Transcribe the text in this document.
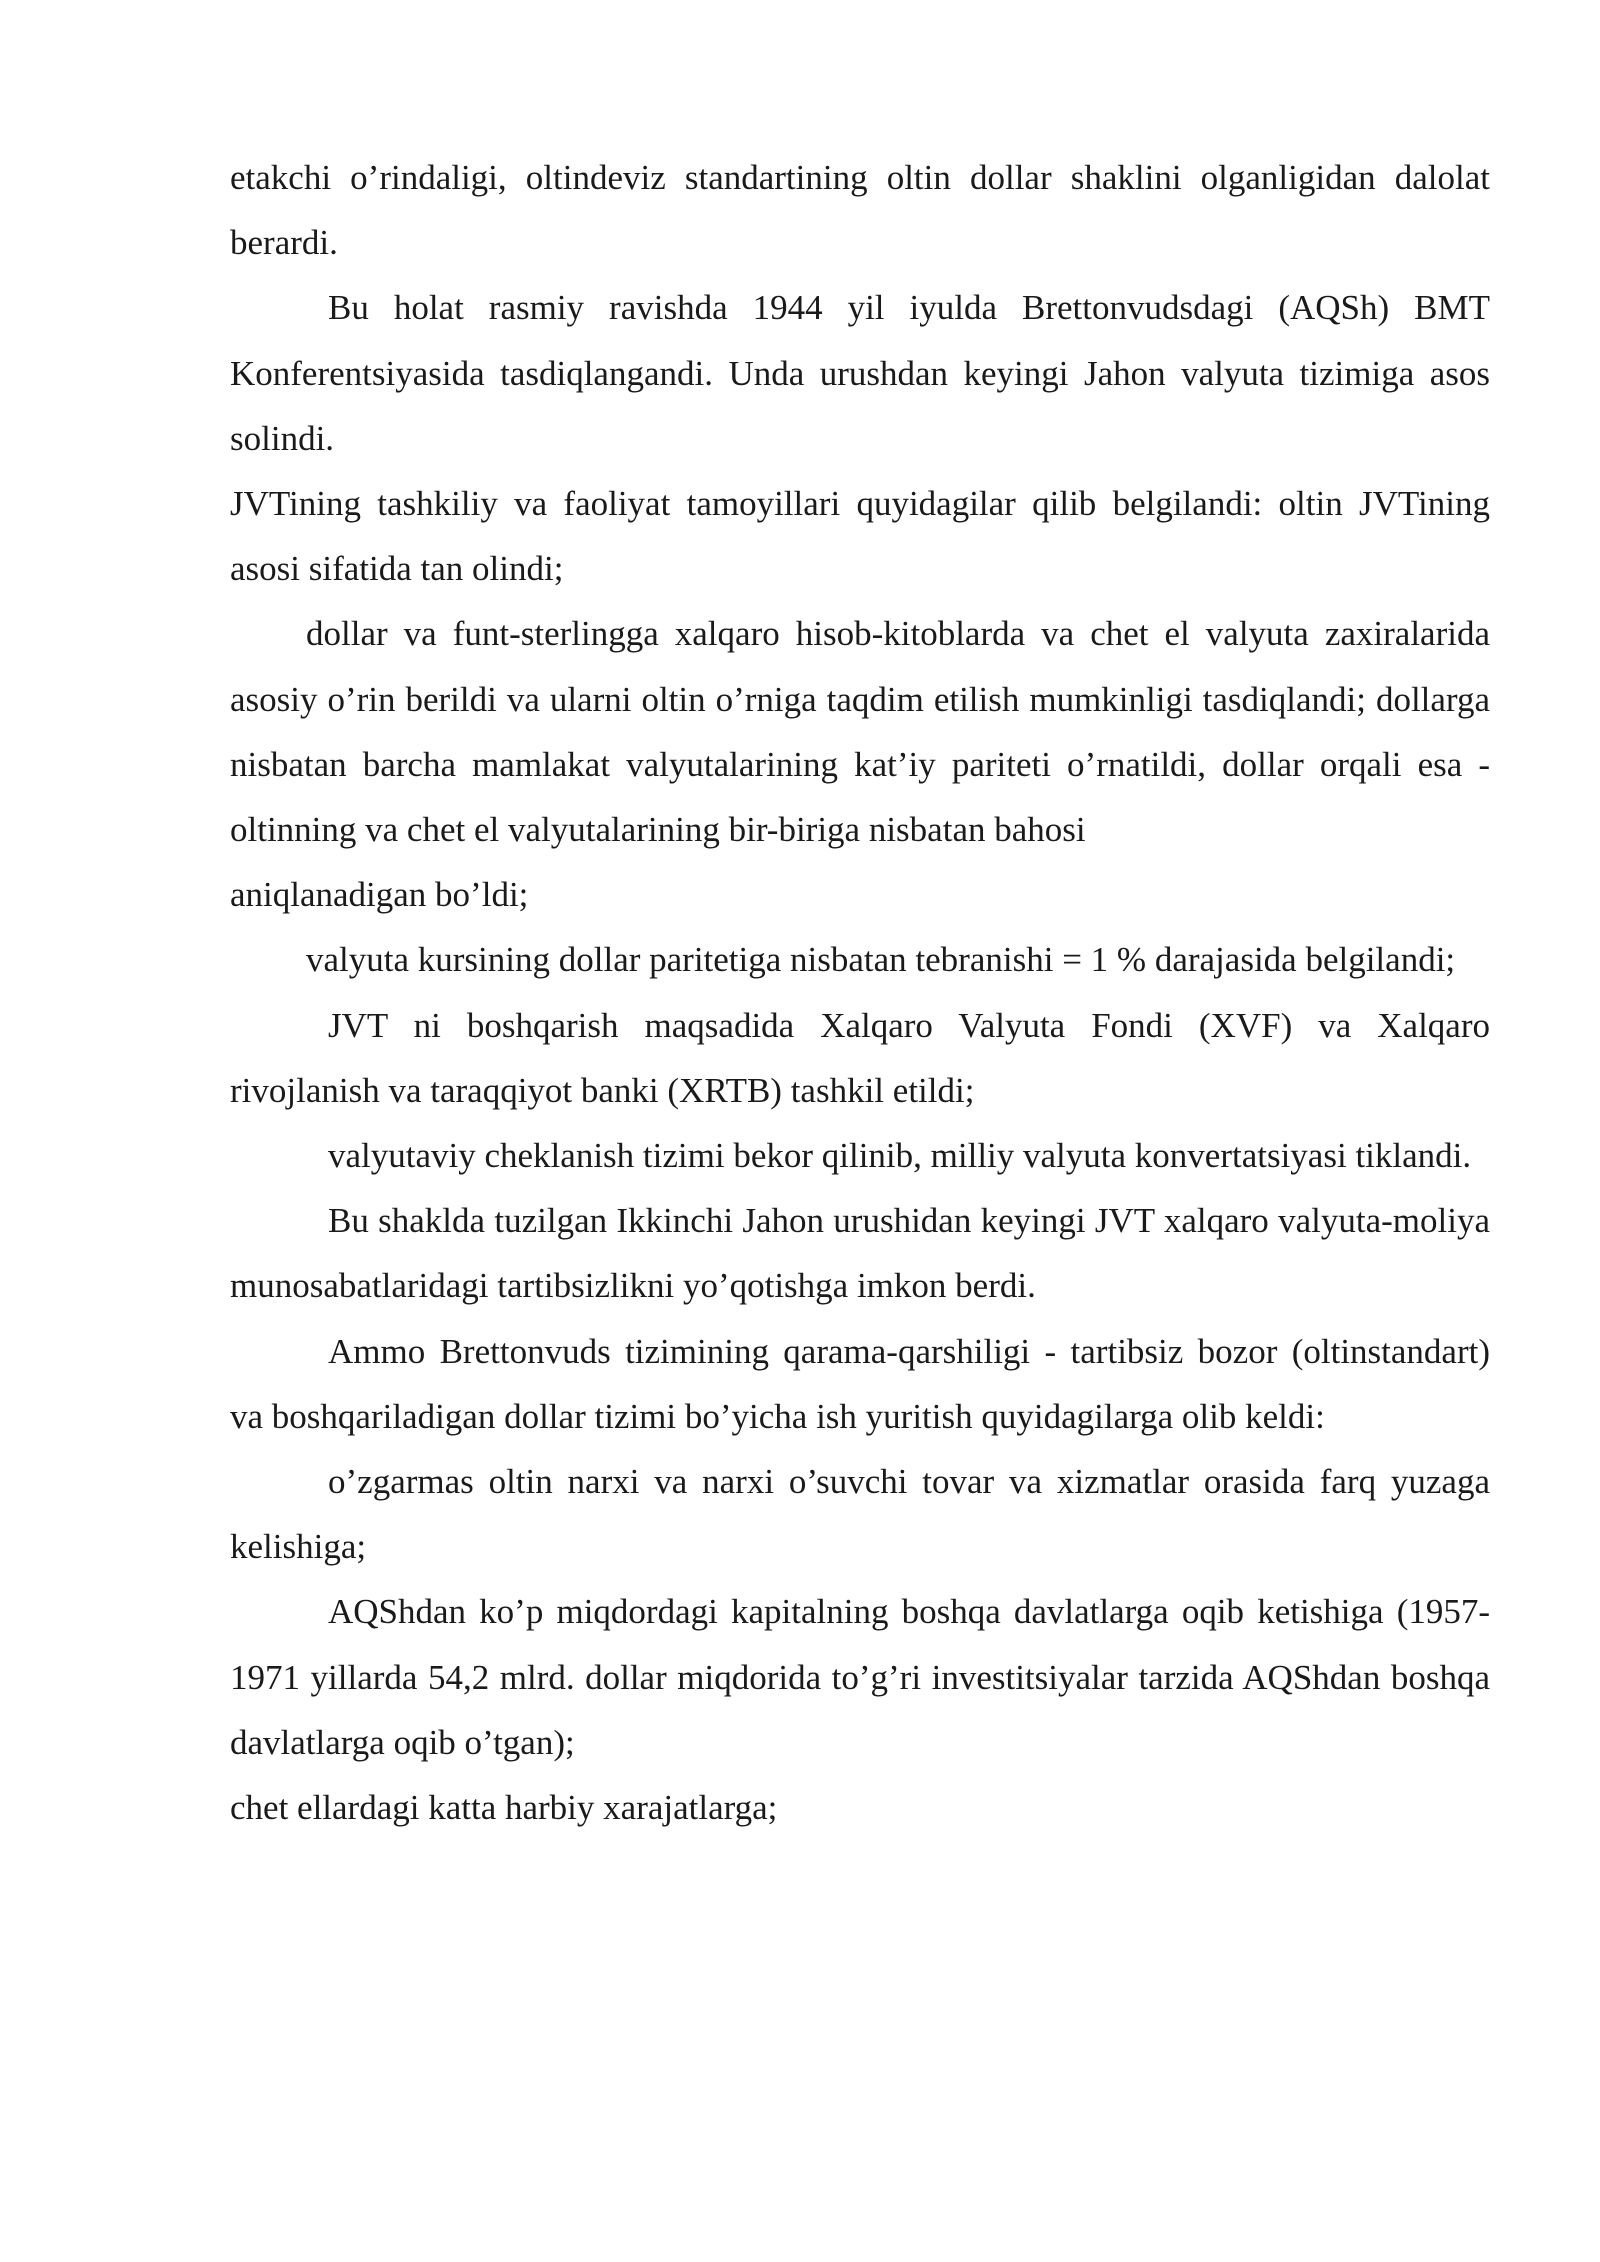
etakchi o’rindaligi, oltindeviz standartining oltin dollar shaklini olganligidan dalolat berardi.

Bu holat rasmiy ravishda 1944 yil iyulda Brettonvudsdagi (AQSh) BMT Konferentsiyasida tasdiqlangandi. Unda urushdan keyingi Jahon valyuta tizimiga asos solindi.

JVTining tashkiliy va faoliyat tamoyillari quyidagilar qilib belgilandi: oltin JVTining asosi sifatida tan olindi;

dollar va funt-sterlingga xalqaro hisob-kitoblarda va chet el valyuta zaxiralarida asosiy o’rin berildi va ularni oltin o’rniga taqdim etilish mumkinligi tasdiqlandi; dollarga nisbatan barcha mamlakat valyutalarining kat’iy pariteti o’rnatildi, dollar orqali esa - oltinning va chet el valyutalarining bir-biriga nisbatan bahosi

aniqlanadigan bo’ldi;

valyuta kursining dollar paritetiga nisbatan tebranishi = 1 % darajasida belgilandi;

JVT ni boshqarish maqsadida Xalqaro Valyuta Fondi (XVF) va Xalqaro rivojlanish va taraqqiyot banki (XRTB) tashkil etildi;

valyutaviy cheklanish tizimi bekor qilinib, milliy valyuta konvertatsiyasi tiklandi.

Bu shaklda tuzilgan Ikkinchi Jahon urushidan keyingi JVT xalqaro valyuta-moliya munosabatlaridagi tartibsizlikni yo’qotishga imkon berdi.

Ammo Brettonvuds tizimining qarama-qarshiligi - tartibsiz bozor (oltinstandart) va boshqariladigan dollar tizimi bo’yicha ish yuritish quyidagilarga olib keldi:

o’zgarmas oltin narxi va narxi o’suvchi tovar va xizmatlar orasida farq yuzaga kelishiga;

AQShdan ko’p miqdordagi kapitalning boshqa davlatlarga oqib ketishiga (1957-1971 yillarda 54,2 mlrd. dollar miqdorida to’g’ri investitsiyalar tarzida AQShdan boshqa davlatlarga oqib o’tgan);

chet ellardagi katta harbiy xarajatlarga;
